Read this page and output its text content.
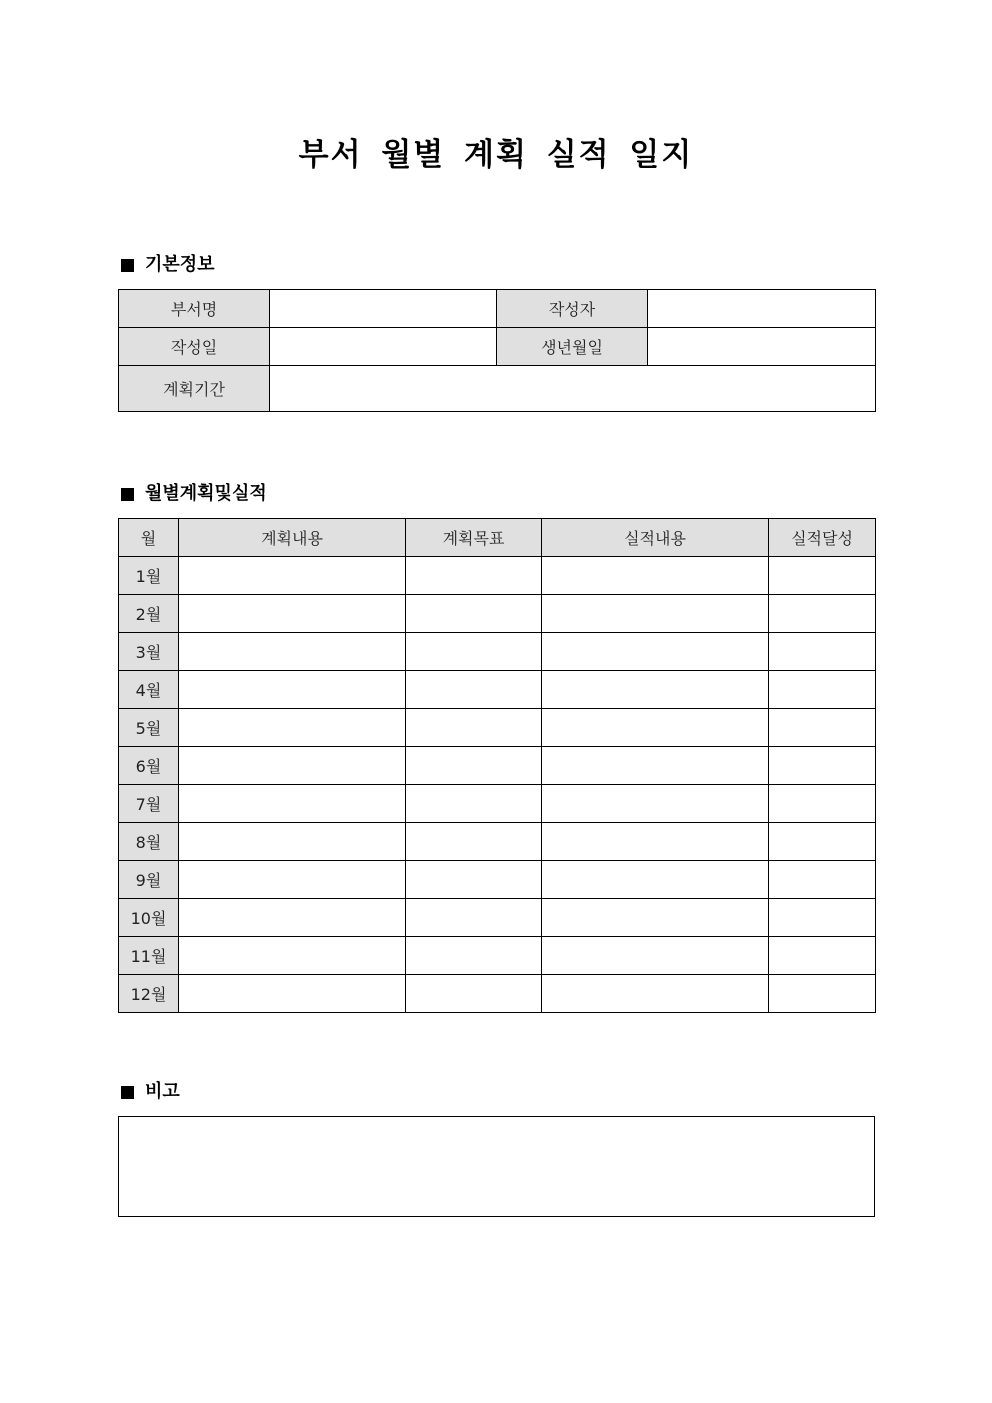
부서 월별 계획 실적 일지
기본정보
부서명		작성자	
작성일		생년월일	
계획기간			
월별계획및실적
월	계획내용	계획목표	실적내용	실적달성
1월				
2월				
3월				
4월				
5월				
6월				
7월				
8월				
9월				
10월				
11월				
12월				
비고
